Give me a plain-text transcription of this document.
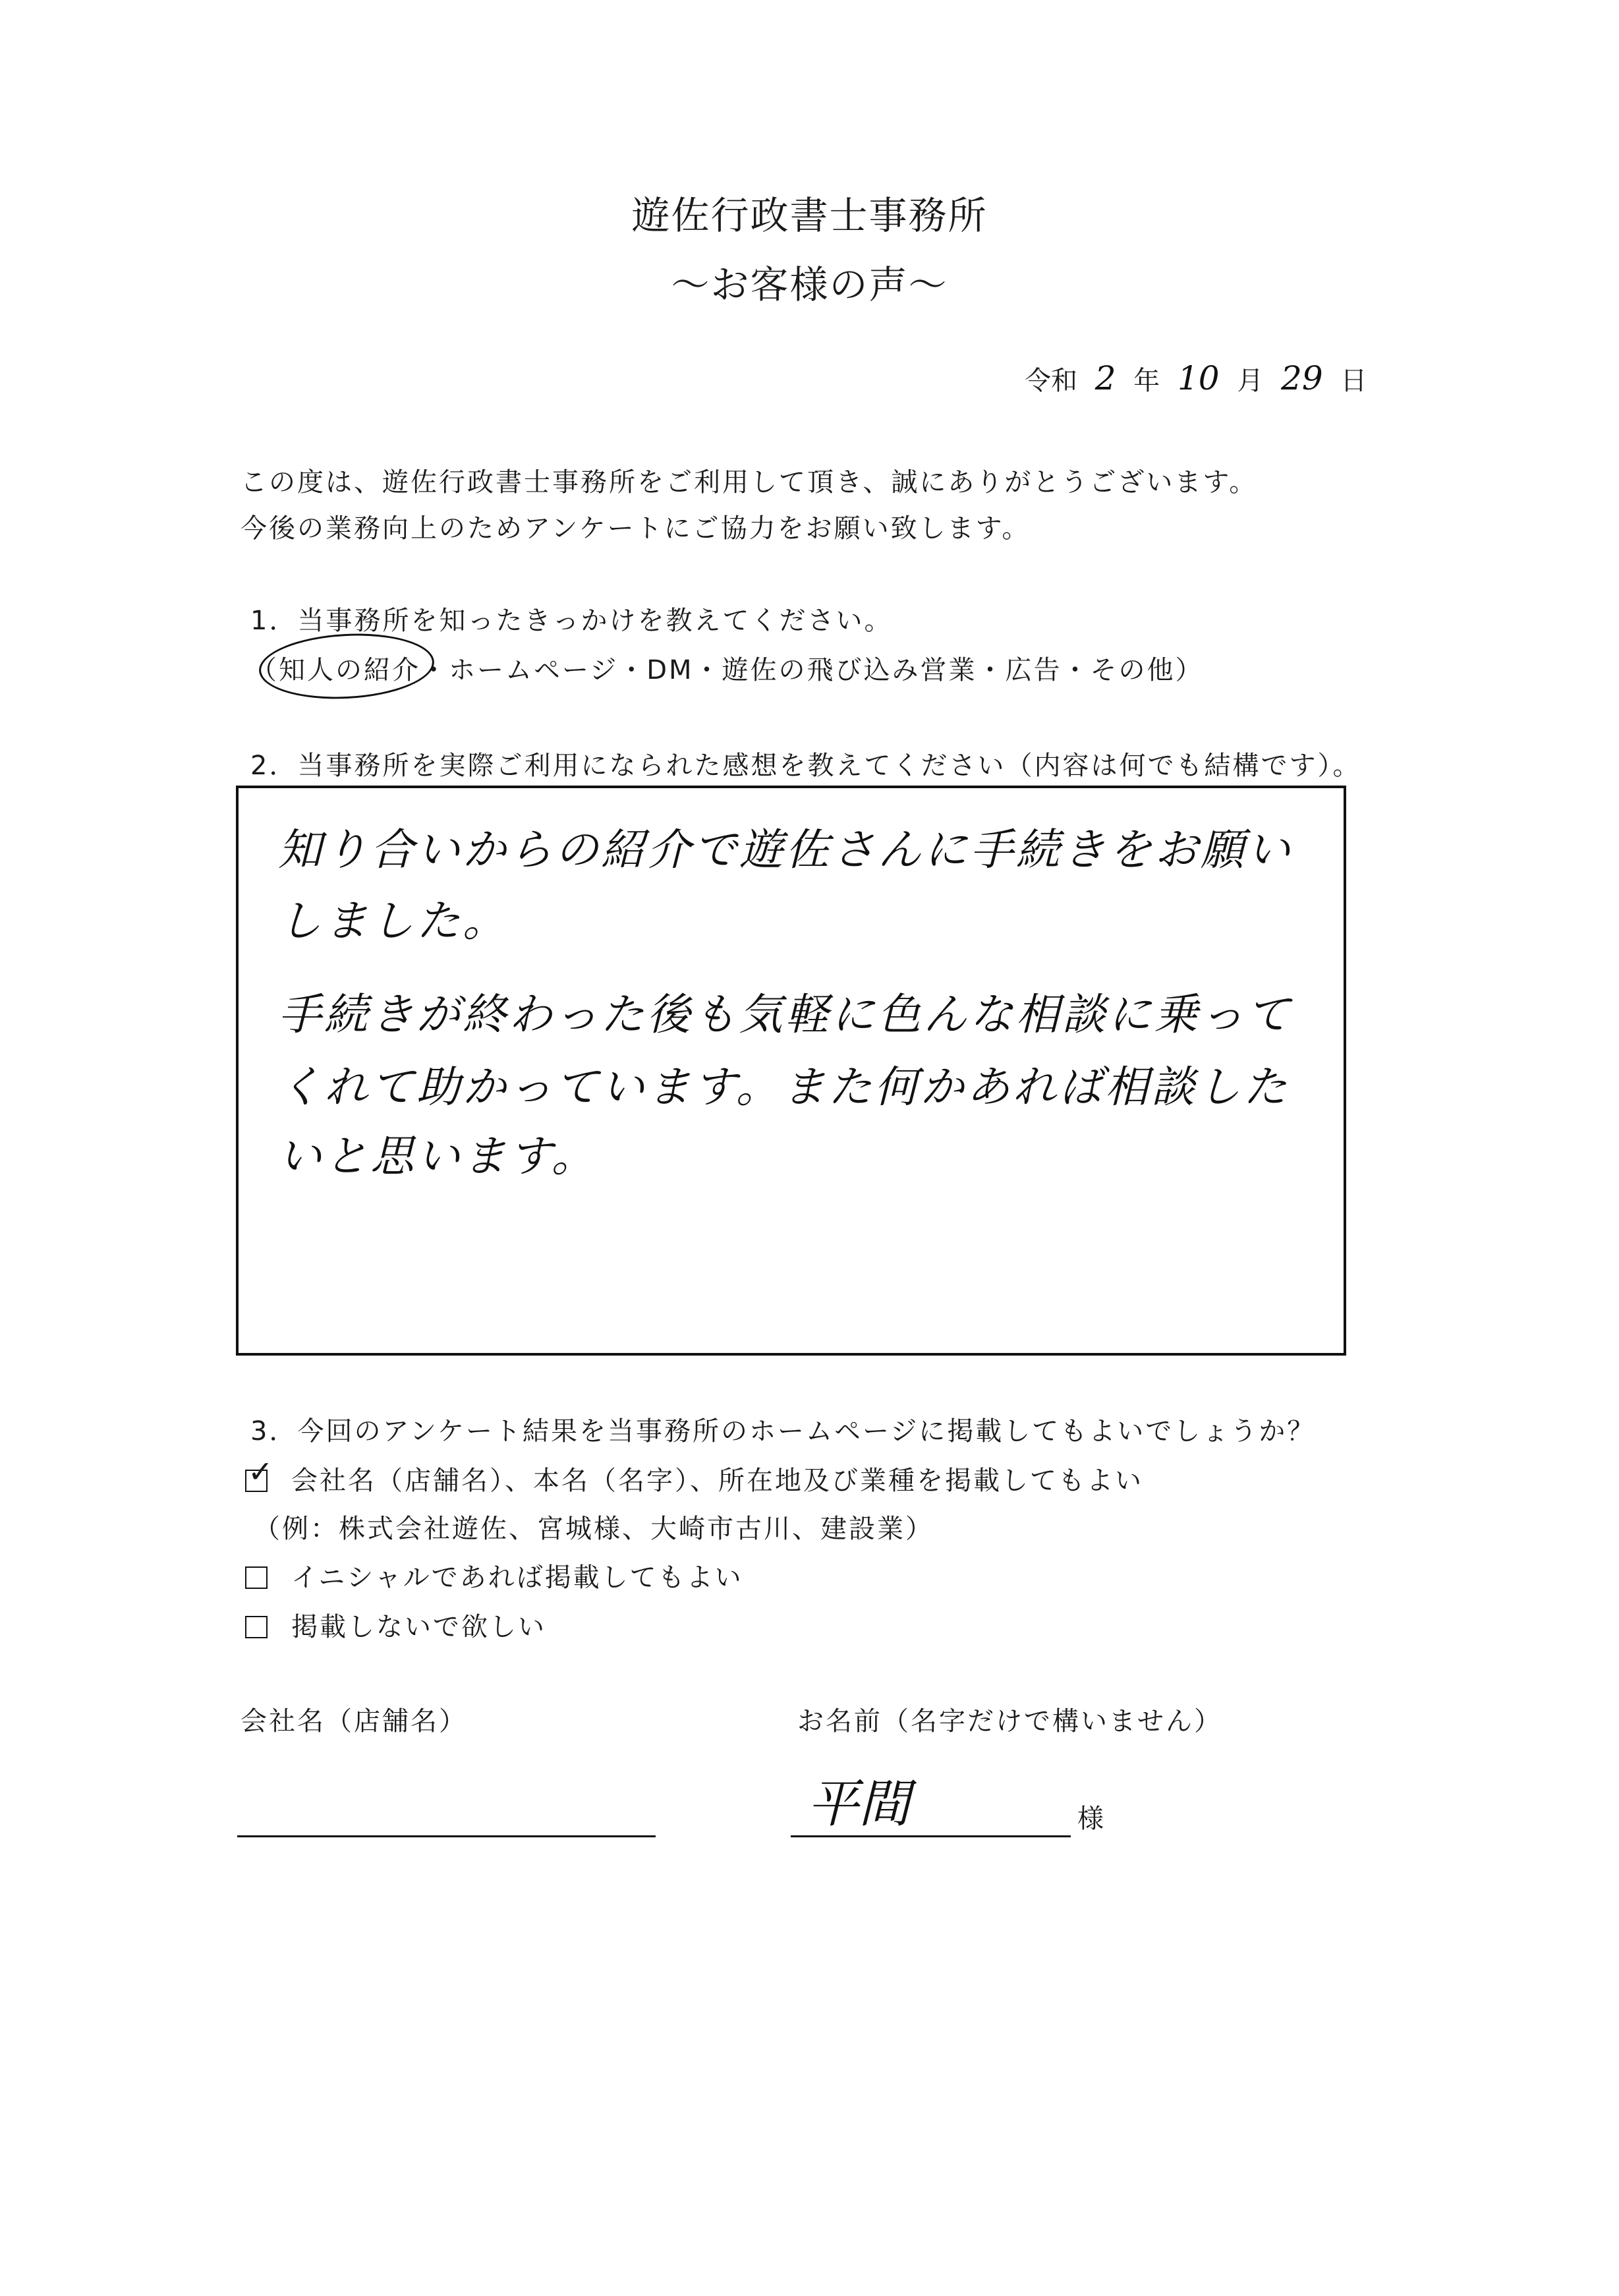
遊佐行政書士事務所
～お客様の声～
令和 2 年 10 月 29 日
この度は、遊佐行政書士事務所をご利用して頂き、誠にありがとうございます。
今後の業務向上のためアンケートにご協力をお願い致します。
1．当事務所を知ったきっかけを教えてください。
（知人の紹介・ホームページ・DM・遊佐の飛び込み営業・広告・その他）
2．当事務所を実際ご利用になられた感想を教えてください（内容は何でも結構です）。
知り合いからの紹介で遊佐さんに手続きをお願い
しました。
手続きが終わった後も気軽に色んな相談に乗って
くれて助かっています。また何かあれば相談した
いと思います。
3．今回のアンケート結果を当事務所のホームページに掲載してもよいでしょうか？
✓ 会社名（店舗名）、本名（名字）、所在地及び業種を掲載してもよい
（例：株式会社遊佐、宮城様、大崎市古川、建設業）
イニシャルであれば掲載してもよい
掲載しないで欲しい
会社名（店舗名）	お名前（名字だけで構いません）
平間	様
